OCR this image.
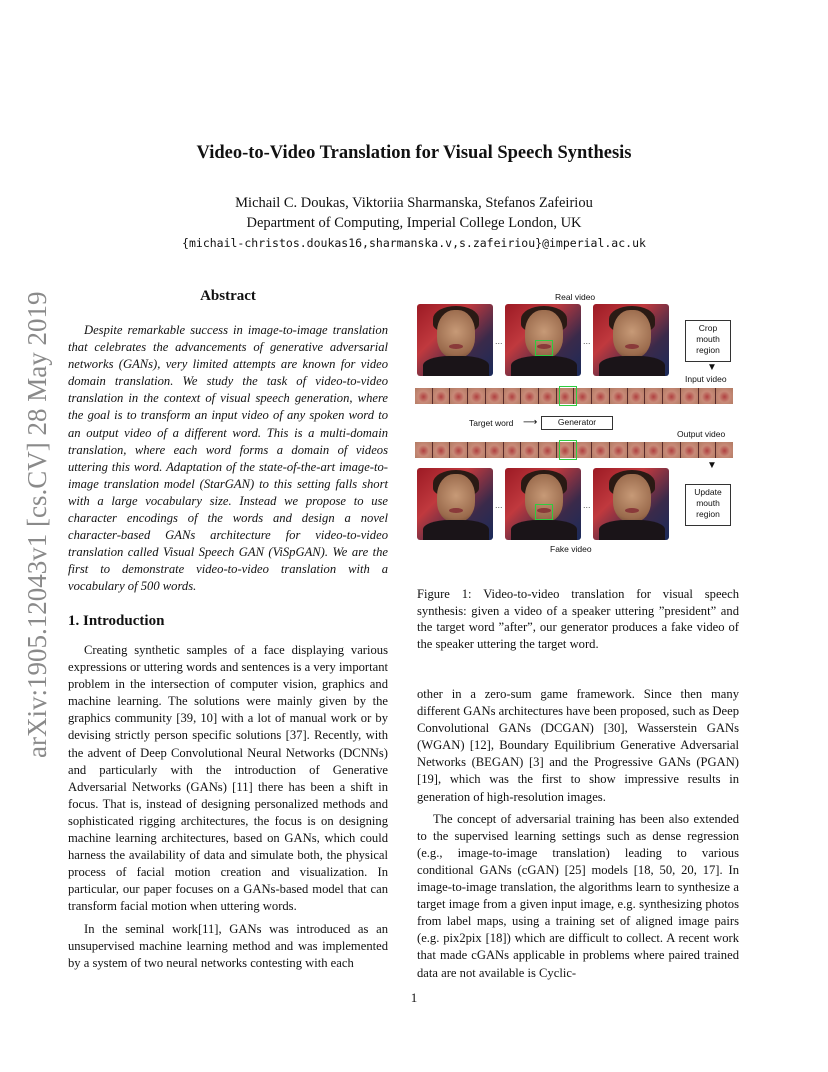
arXiv:1905.12043v1 [cs.CV] 28 May 2019
Video-to-Video Translation for Visual Speech Synthesis
Michail C. Doukas, Viktoriia Sharmanska, Stefanos Zafeiriou
Department of Computing, Imperial College London, UK
{michail-christos.doukas16,sharmanska.v,s.zafeiriou}@imperial.ac.uk
Abstract
Despite remarkable success in image-to-image translation that celebrates the advancements of generative adversarial networks (GANs), very limited attempts are known for video domain translation. We study the task of video-to-video translation in the context of visual speech generation, where the goal is to transform an input video of any spoken word to an output video of a different word. This is a multi-domain translation, where each word forms a domain of videos uttering this word. Adaptation of the state-of-the-art image-to-image translation model (StarGAN) to this setting falls short with a large vocabulary size. Instead we propose to use character encodings of the words and design a novel character-based GANs architecture for video-to-video translation called Visual Speech GAN (ViSpGAN). We are the first to demonstrate video-to-video translation with a vocabulary of 500 words.
1. Introduction

Creating synthetic samples of a face displaying various expressions or uttering words and sentences is a very important problem in the intersection of computer vision, graphics and machine learning. The solutions were mainly given by the graphics community [39, 10] with a lot of manual work or by devising strictly person specific solutions [37]. Recently, with the advent of Deep Convolutional Neural Networks (DCNNs) and particularly with the introduction of Generative Adversarial Networks (GANs) [11] there has been a shift in focus. That is, instead of designing personalized methods and sophisticated rigging architectures, the focus is on designing machine learning architectures, based on GANs, which could harness the availability of data and simulate both, the physical process of facial motion creation and visualization. In particular, our paper focuses on a GANs-based model that can transform facial motion when uttering words.

In the seminal work[11], GANs was introduced as an unsupervised machine learning method and was implemented by a system of two neural networks contesting with each

Real video
...	...
Crop mouth region
▼
Input video
Target word ⟶	Generator
Output video
▼
...	...
Update mouth region
Fake video
Figure 1: Video-to-video translation for visual speech synthesis: given a video of a speaker uttering ”president” and the target word ”after”, our generator produces a fake video of the speaker uttering the target word.

other in a zero-sum game framework. Since then many different GANs architectures have been proposed, such as Deep Convolutional GANs (DCGAN) [30], Wasserstein GANs (WGAN) [12], Boundary Equilibrium Generative Adversarial Networks (BEGAN) [3] and the Progressive GANs (PGAN) [19], which was the first to show impressive results in generation of high-resolution images.

The concept of adversarial training has been also extended to the supervised learning settings such as dense regression (e.g., image-to-image translation) leading to various conditional GANs (cGAN) [25] models [18, 50, 20, 17]. In image-to-image translation, the algorithms learn to synthesize a target image from a given input image, e.g. synthesizing photos from label maps, using a training set of aligned image pairs (e.g. pix2pix [18]) which are difficult to collect. A recent work that made cGANs applicable in problems where paired trained data are not available is Cyclic-

1
